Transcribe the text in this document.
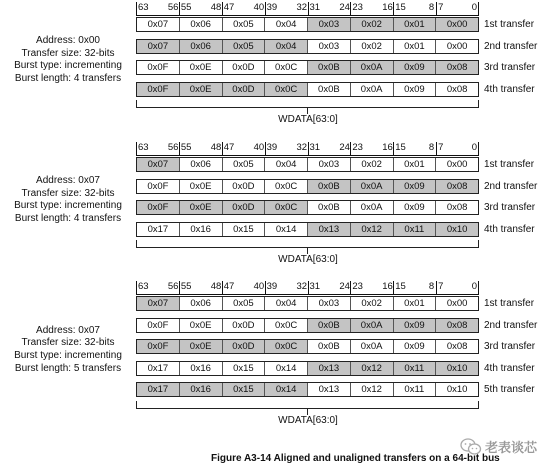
63 56 55 48 47 40 39 32 31 24 23 16 15	8 7	0
0x07	0x06	0x05	0x04	0x03	0x02	0x01	0x00	1st transfer
0x07	0x06	0x05	0x04	0x03	0x02	0x01	0x00	2nd transfer
0x0F	0x0E	0x0D	0x0C	0x0B	0x0A	0x09	0x08	3rd transfer
0x0F	0x0E	0x0D	0x0C	0x0B	0x0A	0x09	0x08	4th transfer
Address: 0x00
Transfer size: 32-bits
Burst type: incrementing
Burst length: 4 transfers
WDATA[63:0]
63 56 55 48 47 40 39 32 31 24 23 16 15	8 7	0
0x07	0x06	0x05	0x04	0x03	0x02	0x01	0x00	1st transfer
0x0F	0x0E	0x0D	0x0C	0x0B	0x0A	0x09	0x08	2nd transfer
0x0F	0x0E	0x0D	0x0C	0x0B	0x0A	0x09	0x08	3rd transfer
0x17	0x16	0x15	0x14	0x13	0x12	0x11	0x10	4th transfer
Address: 0x07
Transfer size: 32-bits
Burst type: incrementing
Burst length: 4 transfers
WDATA[63:0]
63 56 55 48 47 40 39 32 31 24 23 16 15	8 7	0
0x07	0x06	0x05	0x04	0x03	0x02	0x01	0x00	1st transfer
0x0F	0x0E	0x0D	0x0C	0x0B	0x0A	0x09	0x08	2nd transfer
0x0F	0x0E	0x0D	0x0C	0x0B	0x0A	0x09	0x08	3rd transfer
0x17	0x16	0x15	0x14	0x13	0x12	0x11	0x10	4th transfer
0x17	0x16	0x15	0x14	0x13	0x12	0x11	0x10	5th transfer
Address: 0x07
Transfer size: 32-bits
Burst type: incrementing
Burst length: 5 transfers
WDATA[63:0]
Figure A3-14 Aligned and unaligned transfers on a 64-bit bus
老表谈芯
